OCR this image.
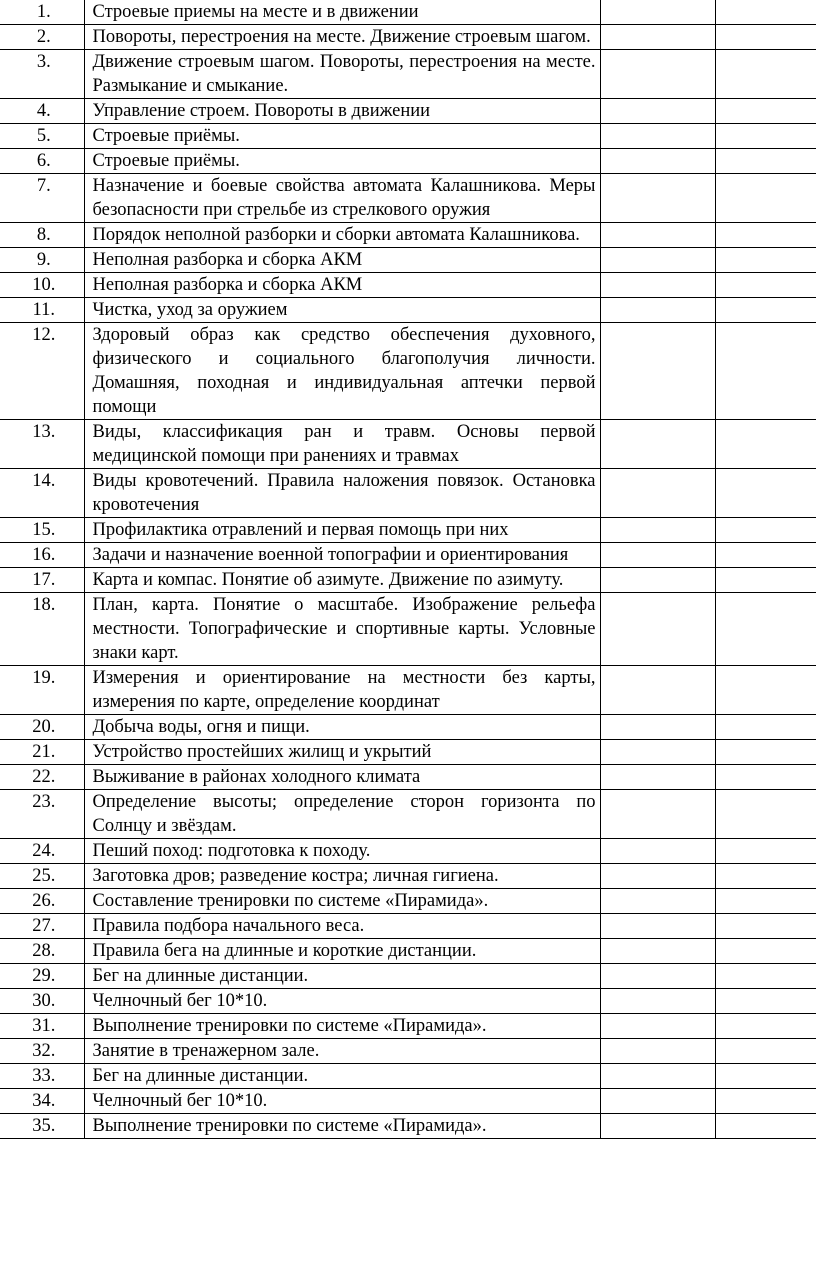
1.	Строевые приемы на месте и в движении		
2.	Повороты, перестроения на месте. Движение строевым шагом.		
3.	Движение строевым шагом. Повороты, перестроения на месте. Размыкание и смыкание.		
4.	Управление строем. Повороты в движении		
5.	Строевые приёмы.		
6.	Строевые приёмы.		
7.	Назначение и боевые свойства автомата Калашникова. Меры безопасности при стрельбе из стрелкового оружия		
8.	Порядок неполной разборки и сборки автомата Калашникова.		
9.	Неполная разборка и сборка АКМ		
10.	Неполная разборка и сборка АКМ		
11.	Чистка, уход за оружием		
12.	Здоровый образ как средство обеспечения духовного, физического и социального благополучия личности. Домашняя, походная и индивидуальная аптечки первой помощи		
13.	Виды, классификация ран и травм. Основы первой медицинской помощи при ранениях и травмах		
14.	Виды кровотечений. Правила наложения повязок. Остановка кровотечения		
15.	Профилактика отравлений и первая помощь при них		
16.	Задачи и назначение военной топографии и ориентирования		
17.	Карта и компас. Понятие об азимуте. Движение по азимуту.		
18.	План, карта. Понятие о масштабе. Изображение рельефа местности. Топографические и спортивные карты. Условные знаки карт.		
19.	Измерения и ориентирование на местности без карты, измерения по карте, определение координат		
20.	Добыча воды, огня и пищи.		
21.	Устройство простейших жилищ и укрытий		
22.	Выживание в районах холодного климата		
23.	Определение высоты; определение сторон горизонта по Солнцу и звёздам.		
24.	Пеший поход: подготовка к походу.		
25.	Заготовка дров; разведение костра; личная гигиена.		
26.	Составление тренировки по системе «Пирамида».		
27.	Правила подбора начального веса.		
28.	Правила бега на длинные и короткие дистанции.		
29.	Бег на длинные дистанции.		
30.	Челночный бег 10*10.		
31.	Выполнение тренировки по системе «Пирамида».		
32.	Занятие в тренажерном зале.		
33.	Бег на длинные дистанции.		
34.	Челночный бег 10*10.		
35.	Выполнение тренировки по системе «Пирамида».		
